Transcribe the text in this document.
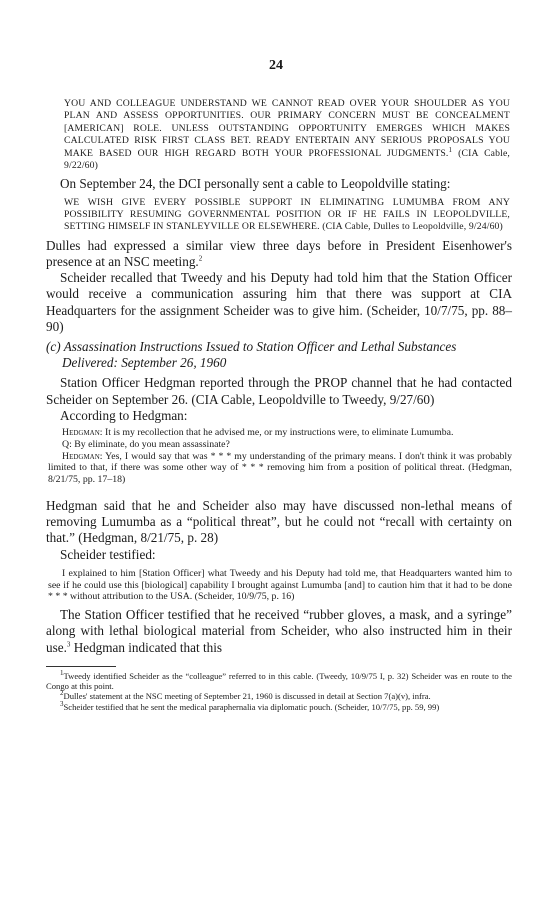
24

YOU AND COLLEAGUE UNDERSTAND WE CANNOT READ OVER YOUR SHOULDER AS YOU PLAN AND ASSESS OPPORTUNITIES. OUR PRIMARY CONCERN MUST BE CONCEALMENT [AMERICAN] ROLE. UNLESS OUTSTANDING OPPORTUNITY EMERGES WHICH MAKES CALCULATED RISK FIRST CLASS BET. READY ENTERTAIN ANY SERIOUS PROPOSALS YOU MAKE BASED OUR HIGH REGARD BOTH YOUR PROFESSIONAL JUDGMENTS.$^1$ (CIA Cable, 9/22/60)

On September 24, the DCI personally sent a cable to Leopoldville stating:

WE WISH GIVE EVERY POSSIBLE SUPPORT IN ELIMINATING LUMUMBA FROM ANY POSSIBILITY RESUMING GOVERNMENTAL POSITION OR IF HE FAILS IN LEOPOLDVILLE, SETTING HIMSELF IN STANLEYVILLE OR ELSEWHERE. (CIA Cable, Dulles to Leopoldville, 9/24/60)

Dulles had expressed a similar view three days before in President Eisenhower's presence at an NSC meeting.$^2$

Scheider recalled that Tweedy and his Deputy had told him that the Station Officer would receive a communication assuring him that there was support at CIA Headquarters for the assignment Scheider was to give him. (Scheider, 10/7/75, pp. 88–90)

(c) Assassination Instructions Issued to Station Officer and Lethal Substances Delivered: September 26, 1960

Station Officer Hedgman reported through the PROP channel that he had contacted Scheider on September 26. (CIA Cable, Leopoldville to Tweedy, 9/27/60)

According to Hedgman:

Hedgman: It is my recollection that he advised me, or my instructions were, to eliminate Lumumba.

Q: By eliminate, do you mean assassinate?

Hedgman: Yes, I would say that was * * * my understanding of the primary means. I don't think it was probably limited to that, if there was some other way of * * * removing him from a position of political threat. (Hedgman, 8/21/75, pp. 17–18)

Hedgman said that he and Scheider also may have discussed non-lethal means of removing Lumumba as a “political threat”, but he could not “recall with certainty on that.” (Hedgman, 8/21/75, p. 28)

Scheider testified:

I explained to him [Station Officer] what Tweedy and his Deputy had told me, that Headquarters wanted him to see if he could use this [biological] capability I brought against Lumumba [and] to caution him that it had to be done * * * without attribution to the USA. (Scheider, 10/9/75, p. 16)

The Station Officer testified that he received “rubber gloves, a mask, and a syringe” along with lethal biological material from Scheider, who also instructed him in their use.$^3$ Hedgman indicated that this

$^1$Tweedy identified Scheider as the “colleague” referred to in this cable. (Tweedy, 10/9/75 I, p. 32) Scheider was en route to the Congo at this point.

$^2$Dulles' statement at the NSC meeting of September 21, 1960 is discussed in detail at Section 7(a)(v), infra.

$^3$Scheider testified that he sent the medical paraphernalia via diplomatic pouch. (Scheider, 10/7/75, pp. 59, 99)
